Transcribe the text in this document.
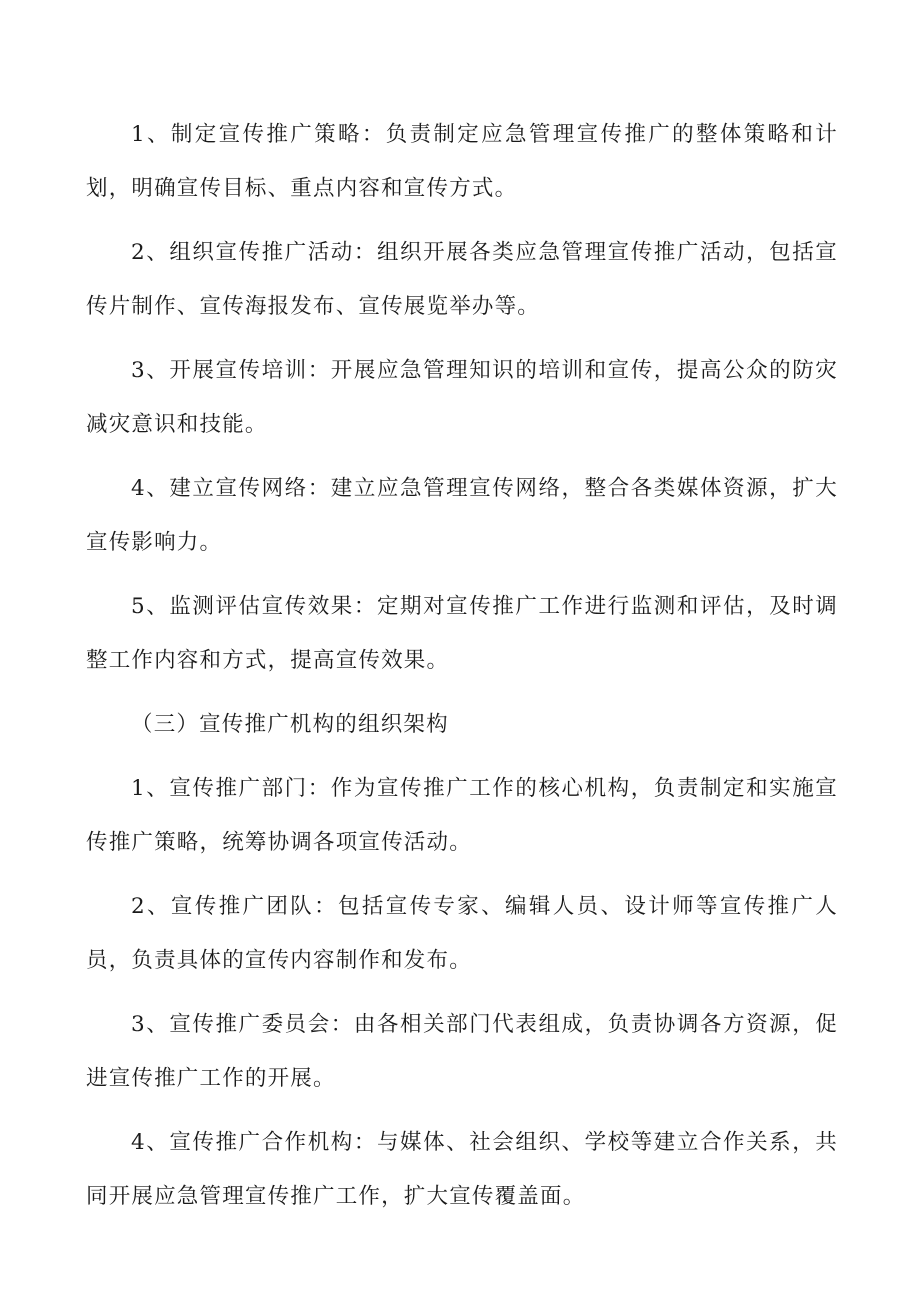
1、制定宣传推广策略：负责制定应急管理宣传推广的整体策略和计划，明确宣传目标、重点内容和宣传方式。

2、组织宣传推广活动：组织开展各类应急管理宣传推广活动，包括宣传片制作、宣传海报发布、宣传展览举办等。

3、开展宣传培训：开展应急管理知识的培训和宣传，提高公众的防灾减灾意识和技能。

4、建立宣传网络：建立应急管理宣传网络，整合各类媒体资源，扩大宣传影响力。

5、监测评估宣传效果：定期对宣传推广工作进行监测和评估，及时调整工作内容和方式，提高宣传效果。

（三）宣传推广机构的组织架构

1、宣传推广部门：作为宣传推广工作的核心机构，负责制定和实施宣传推广策略，统筹协调各项宣传活动。

2、宣传推广团队：包括宣传专家、编辑人员、设计师等宣传推广人员，负责具体的宣传内容制作和发布。

3、宣传推广委员会：由各相关部门代表组成，负责协调各方资源，促进宣传推广工作的开展。

4、宣传推广合作机构：与媒体、社会组织、学校等建立合作关系，共同开展应急管理宣传推广工作，扩大宣传覆盖面。
